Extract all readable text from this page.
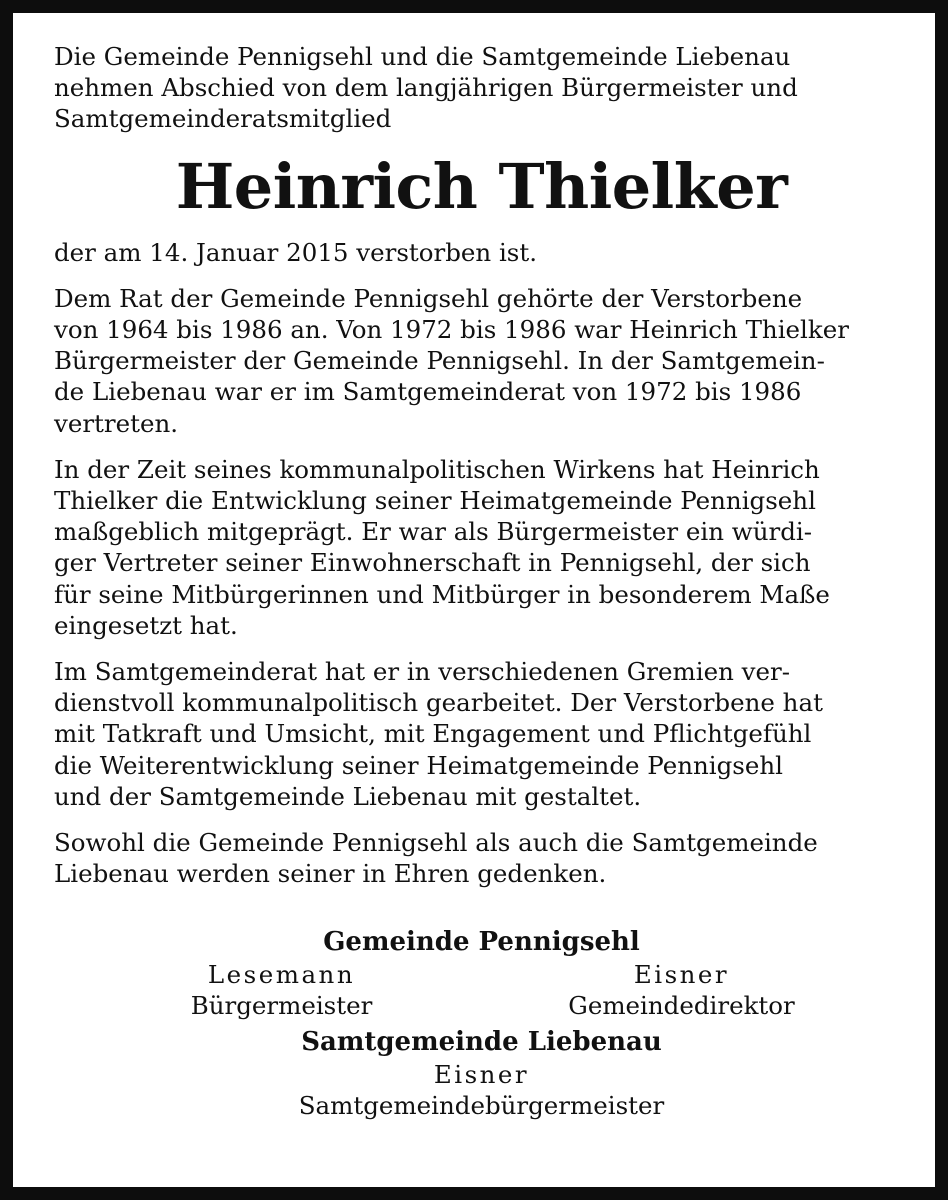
Die Gemeinde Pennigsehl und die Samtgemeinde Liebenau
nehmen Abschied von dem langjährigen Bürgermeister und
Samtgemeinderatsmitglied

Heinrich Thielker

der am 14. Januar 2015 verstorben ist.

Dem Rat der Gemeinde Pennigsehl gehörte der Verstorbene
von 1964 bis 1986 an. Von 1972 bis 1986 war Heinrich Thielker
Bürgermeister der Gemeinde Pennigsehl. In der Samtgemein-
de Liebenau war er im Samtgemeinderat von 1972 bis 1986
vertreten.

In der Zeit seines kommunalpolitischen Wirkens hat Heinrich
Thielker die Entwicklung seiner Heimatgemeinde Pennigsehl
maßgeblich mitgeprägt. Er war als Bürgermeister ein würdi-
ger Vertreter seiner Einwohnerschaft in Pennigsehl, der sich
für seine Mitbürgerinnen und Mitbürger in besonderem Maße
eingesetzt hat.

Im Samtgemeinderat hat er in verschiedenen Gremien ver-
dienstvoll kommunalpolitisch gearbeitet. Der Verstorbene hat
mit Tatkraft und Umsicht, mit Engagement und Pflichtgefühl
die Weiterentwicklung seiner Heimatgemeinde Pennigsehl
und der Samtgemeinde Liebenau mit gestaltet.

Sowohl die Gemeinde Pennigsehl als auch die Samtgemeinde
Liebenau werden seiner in Ehren gedenken.

Gemeinde Pennigsehl
Lesemann
Bürgermeister
Eisner
Gemeindedirektor
Samtgemeinde Liebenau
Eisner
Samtgemeindebürgermeister
